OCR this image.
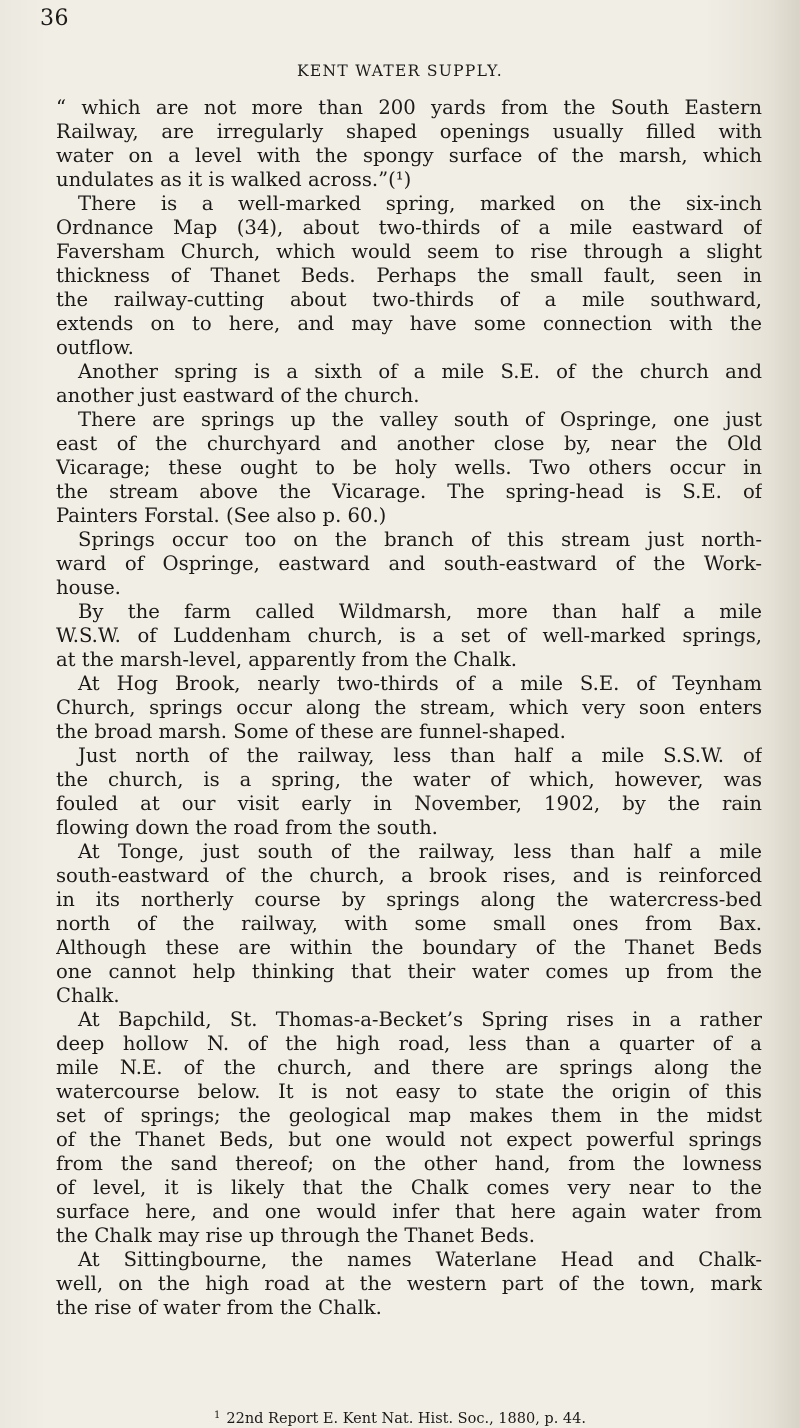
36
KENT WATER SUPPLY.
“ which are not more than 200 yards from the South Eastern
Railway, are irregularly shaped openings usually filled with
water on a level with the spongy surface of the marsh, which
undulates as it is walked across.”(¹)
There is a well-marked spring, marked on the six-inch
Ordnance Map (34), about two-thirds of a mile eastward of
Faversham Church, which would seem to rise through a slight
thickness of Thanet Beds. Perhaps the small fault, seen in
the railway-cutting about two-thirds of a mile southward,
extends on to here, and may have some connection with the
outflow.
Another spring is a sixth of a mile S.E. of the church and
another just eastward of the church.
There are springs up the valley south of Ospringe, one just
east of the churchyard and another close by, near the Old
Vicarage; these ought to be holy wells. Two others occur in
the stream above the Vicarage. The spring-head is S.E. of
Painters Forstal. (See also p. 60.)
Springs occur too on the branch of this stream just north-
ward of Ospringe, eastward and south-eastward of the Work-
house.
By the farm called Wildmarsh, more than half a mile
W.S.W. of Luddenham church, is a set of well-marked springs,
at the marsh-level, apparently from the Chalk.
At Hog Brook, nearly two-thirds of a mile S.E. of Teynham
Church, springs occur along the stream, which very soon enters
the broad marsh. Some of these are funnel-shaped.
Just north of the railway, less than half a mile S.S.W. of
the church, is a spring, the water of which, however, was
fouled at our visit early in November, 1902, by the rain
flowing down the road from the south.
At Tonge, just south of the railway, less than half a mile
south-eastward of the church, a brook rises, and is reinforced
in its northerly course by springs along the watercress-bed
north of the railway, with some small ones from Bax.
Although these are within the boundary of the Thanet Beds
one cannot help thinking that their water comes up from the
Chalk.
At Bapchild, St. Thomas-a-Becket’s Spring rises in a rather
deep hollow N. of the high road, less than a quarter of a
mile N.E. of the church, and there are springs along the
watercourse below. It is not easy to state the origin of this
set of springs; the geological map makes them in the midst
of the Thanet Beds, but one would not expect powerful springs
from the sand thereof; on the other hand, from the lowness
of level, it is likely that the Chalk comes very near to the
surface here, and one would infer that here again water from
the Chalk may rise up through the Thanet Beds.
At Sittingbourne, the names Waterlane Head and Chalk-
well, on the high road at the western part of the town, mark
the rise of water from the Chalk.
$^1$ 22nd Report E. Kent Nat. Hist. Soc., 1880, p. 44.
